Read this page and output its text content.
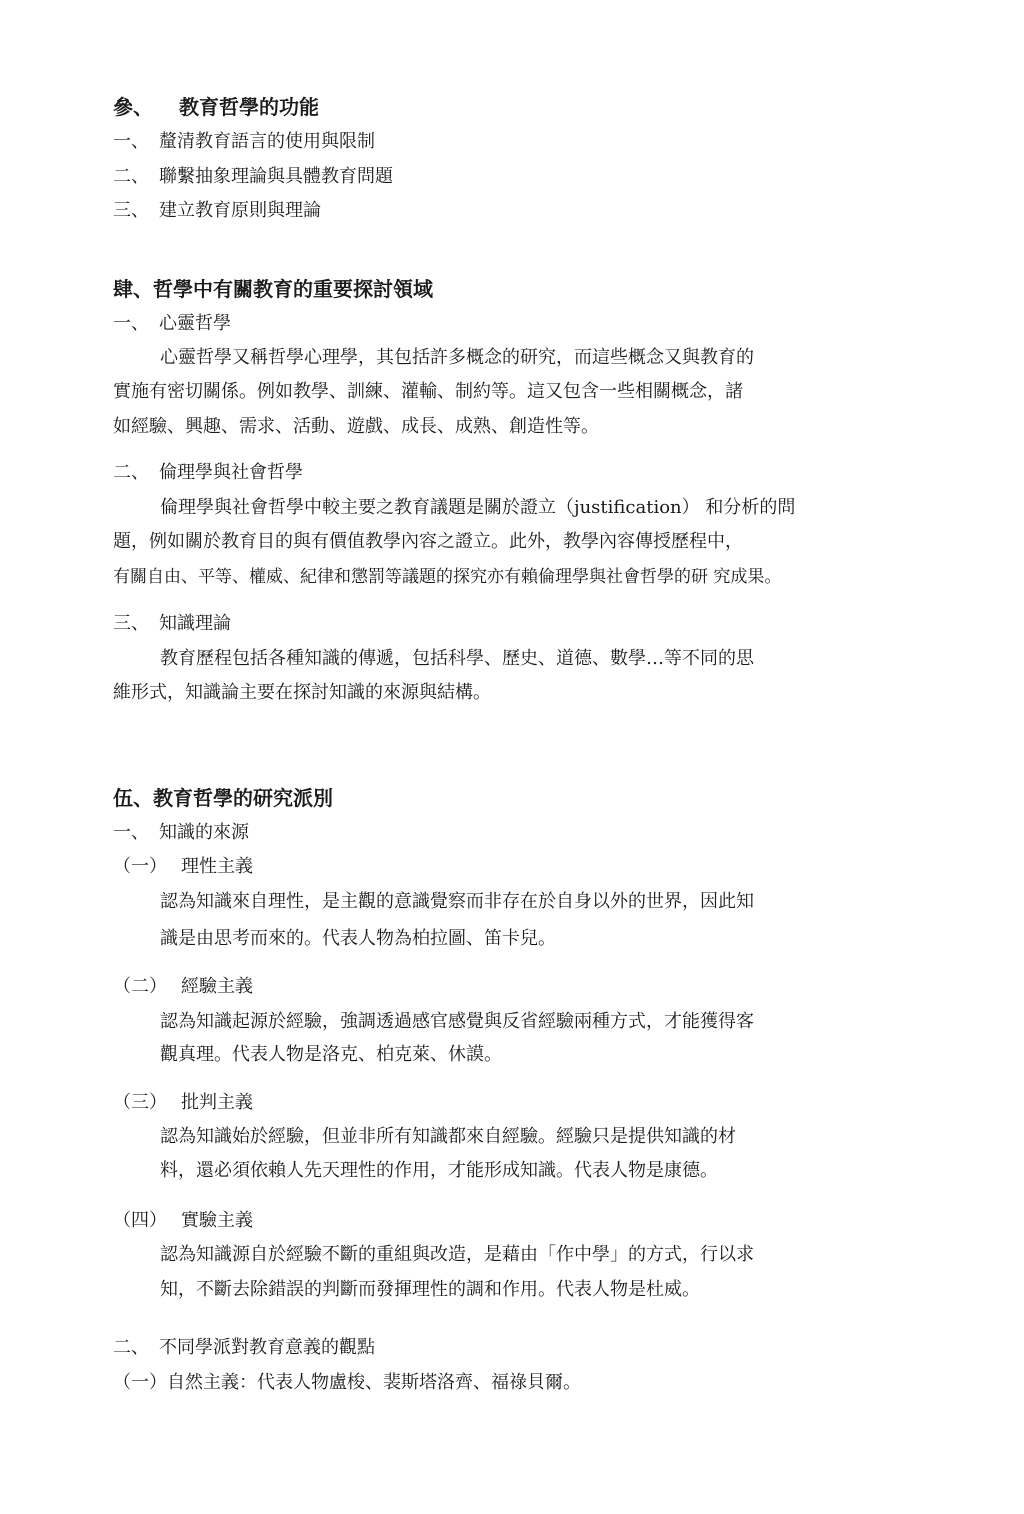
參、 教育哲學的功能
一、 釐清教育語言的使用與限制
二、 聯繫抽象理論與具體教育問題
三、 建立教育原則與理論
肆、哲學中有關教育的重要探討領域
一、 心靈哲學
心靈哲學又稱哲學心理學，其包括許多概念的研究，而這些概念又與教育的
實施有密切關係。例如教學、訓練、灌輸、制約等。這又包含一些相關概念，諸
如經驗、興趣、需求、活動、遊戲、成長、成熟、創造性等。
二、 倫理學與社會哲學
倫理學與社會哲學中較主要之教育議題是關於證立（justification） 和分析的問
題，例如關於教育目的與有價值教學內容之證立。此外，教學內容傳授歷程中，
有關自由、平等、權威、紀律和懲罰等議題的探究亦有賴倫理學與社會哲學的研 究成果。
三、 知識理論
教育歷程包括各種知識的傳遞，包括科學、歷史、道德、數學…等不同的思
維形式，知識論主要在探討知識的來源與結構。
伍、教育哲學的研究派別
一、 知識的來源
（一） 理性主義
認為知識來自理性，是主觀的意識覺察而非存在於自身以外的世界，因此知
識是由思考而來的。代表人物為柏拉圖、笛卡兒。
（二） 經驗主義
認為知識起源於經驗，強調透過感官感覺與反省經驗兩種方式，才能獲得客
觀真理。代表人物是洛克、柏克萊、休謨。
（三） 批判主義
認為知識始於經驗，但並非所有知識都來自經驗。經驗只是提供知識的材
料，還必須依賴人先天理性的作用，才能形成知識。代表人物是康德。
（四） 實驗主義
認為知識源自於經驗不斷的重組與改造，是藉由「作中學」的方式，行以求
知，不斷去除錯誤的判斷而發揮理性的調和作用。代表人物是杜威。
二、 不同學派對教育意義的觀點
（一）自然主義：代表人物盧梭、裴斯塔洛齊、福祿貝爾。
